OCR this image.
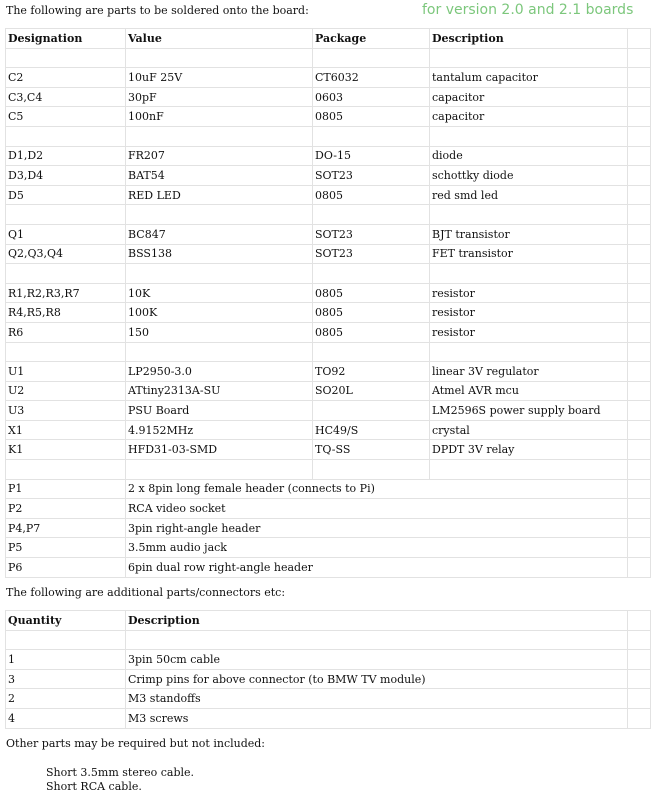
The following are parts to be soldered onto the board:	for version 2.0 and 2.1 boards
Designation	Value	Package	Description	

C2	10uF 25V	CT6032	tantalum capacitor	
C3,C4	30pF	0603	capacitor	
C5	100nF	0805	capacitor	

D1,D2	FR207	DO-15	diode	
D3,D4	BAT54	SOT23	schottky diode	
D5	RED LED	0805	red smd led	

Q1	BC847	SOT23	BJT transistor	
Q2,Q3,Q4	BSS138	SOT23	FET transistor	

R1,R2,R3,R7	10K	0805	resistor	
R4,R5,R8	100K	0805	resistor	
R6	150	0805	resistor	

U1	LP2950-3.0	TO92	linear 3V regulator	
U2	ATtiny2313A-SU	SO20L	Atmel AVR mcu	
U3	PSU Board		LM2596S power supply board	
X1	4.9152MHz	HC49/S	crystal	
K1	HFD31-03-SMD	TQ-SS	DPDT 3V relay	

P1	2 x 8pin long female header (connects to Pi)			
P2	RCA video socket			
P4,P7	3pin right-angle header			
P5	3.5mm audio jack			
P6	6pin dual row right-angle header			
The following are additional parts/connectors etc:
Quantity	Description	

1	3pin 50cm cable	
3	Crimp pins for above connector (to BMW TV module)	
2	M3 standoffs	
4	M3 screws	
Other parts may be required but not included:
Short 3.5mm stereo cable.
Short RCA cable.
